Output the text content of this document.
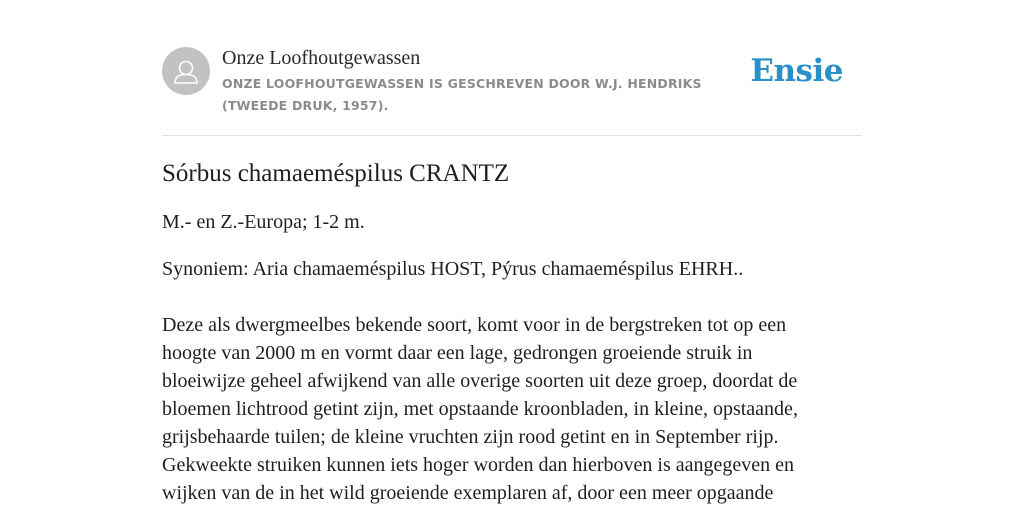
Onze Loofhoutgewassen
ONZE LOOFHOUTGEWASSEN IS GESCHREVEN DOOR W.J. HENDRIKS (TWEEDE DRUK, 1957).
Ensie
Sórbus chamaeméspilus CRANTZ
M.- en Z.-Europa; 1-2 m.
Synoniem: Aria chamaeméspilus HOST, Pýrus chamaeméspilus EHRH..
Deze als dwergmeelbes bekende soort, komt voor in de bergstreken tot op een
hoogte van 2000 m en vormt daar een lage, gedrongen groeiende struik in
bloeiwijze geheel afwijkend van alle overige soorten uit deze groep, doordat de
bloemen lichtrood getint zijn, met opstaande kroonbladen, in kleine, opstaande,
grijsbehaarde tuilen; de kleine vruchten zijn rood getint en in September rijp.
Gekweekte struiken kunnen iets hoger worden dan hierboven is aangegeven en
wijken van de in het wild groeiende exemplaren af, door een meer opgaande
